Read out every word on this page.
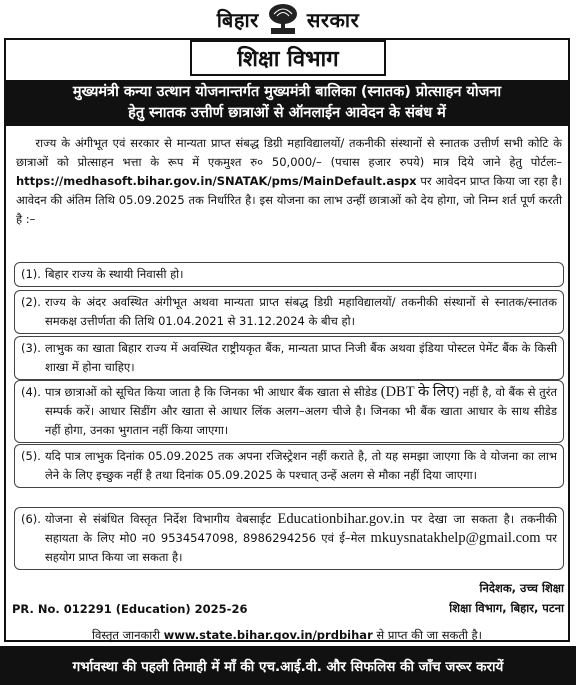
बिहार सरकार
शिक्षा विभाग
मुख्यमंत्री कन्या उत्थान योजनान्तर्गत मुख्यमंत्री बालिका (स्नातक) प्रोत्साहन योजना
हेतु स्नातक उत्तीर्ण छात्राओं से ऑनलाईन आवेदन के संबंध में
राज्य के अंगीभूत एवं सरकार से मान्यता प्राप्त संबद्ध डिग्री महाविद्यालयों/ तकनीकी संस्थानों से स्नातक उत्तीर्ण सभी कोटि के छात्राओं को प्रोत्साहन भत्ता के रूप में एकमुश्त रु० 50,000/– (पचास हजार रुपये) मात्र दिये जाने हेतु पोर्टलः– https://medhasoft.bihar.gov.in/SNATAK/pms/MainDefault.aspx पर आवेदन प्राप्त किया जा रहा है। आवेदन की अंतिम तिथि 05.09.2025 तक निर्धारित है। इस योजना का लाभ उन्हीं छात्राओं को देय होगा, जो निम्न शर्त पूर्ण करती है :–
(1). बिहार राज्य के स्थायी निवासी हो।
(2). राज्य के अंदर अवस्थित अंगीभूत अथवा मान्यता प्राप्त संबद्ध डिग्री महाविद्यालयों/ तकनीकी संस्थानों से स्नातक/स्नातक समकक्ष उत्तीर्णता की तिथि 01.04.2021 से 31.12.2024 के बीच हो।
(3). लाभुक का खाता बिहार राज्य में अवस्थित राष्ट्रीयकृत बैंक, मान्यता प्राप्त निजी बैंक अथवा इंडिया पोस्टल पेमेंट बैंक के किसी शाखा में होना चाहिए।
(4). पात्र छात्राओं को सूचित किया जाता है कि जिनका भी आधार बैंक खाता से सीडेड (DBT के लिए) नहीं है, वो बैंक से तुरंत सम्पर्क करें। आधार सिडींग और खाता से आधार लिंक अलग–अलग चीजे है। जिनका भी बैंक खाता आधार के साथ सीडेड नहीं होगा, उनका भुगतान नहीं किया जाएगा।
(5). यदि पात्र लाभुक दिनांक 05.09.2025 तक अपना रजिस्ट्रेशन नहीं कराते है, तो यह समझा जाएगा कि वे योजना का लाभ लेने के लिए इच्छुक नहीं है तथा दिनांक 05.09.2025 के पश्चात् उन्हें अलग से मौका नहीं दिया जाएगा।
(6). योजना से संबंधित विस्तृत निर्देश विभागीय वेबसाईट Educationbihar.gov.in पर देखा जा सकता है। तकनीकी सहायता के लिए मो0 न0 9534547098, 8986294256 एवं ई–मेल mkuysnatakhelp@gmail.com पर सहयोग प्राप्त किया जा सकता है।
निदेशक, उच्च शिक्षा
शिक्षा विभाग, बिहार, पटना
PR. No. 012291 (Education) 2025-26
विस्तृत जानकारी www.state.bihar.gov.in/prdbihar से प्राप्त की जा सकती है।
गर्भावस्था की पहली तिमाही में माँ की एच.आई.वी. और सिफलिस की जाँच जरूर करायें
